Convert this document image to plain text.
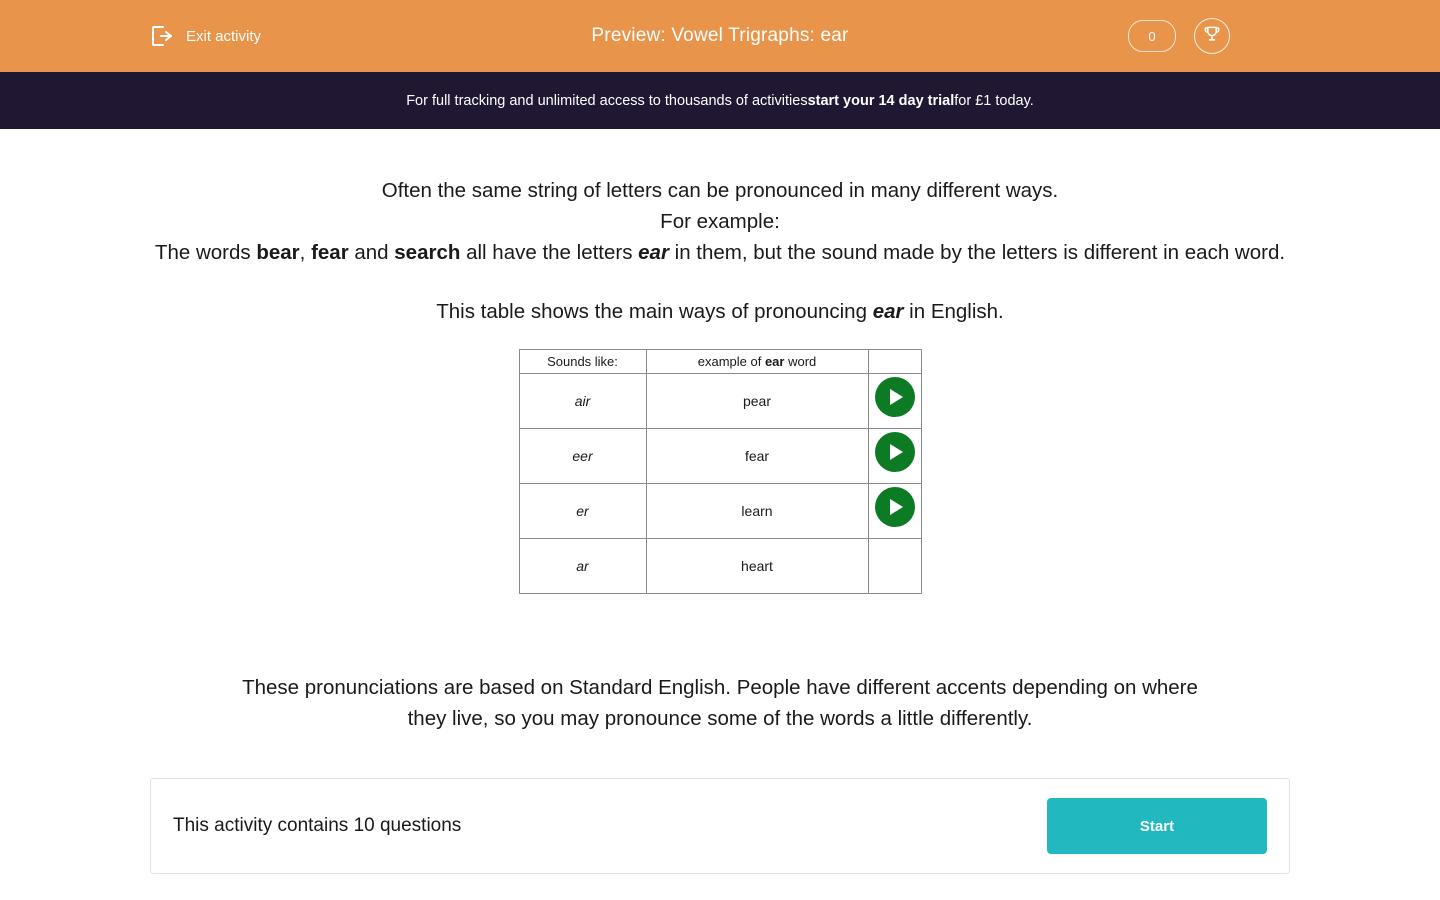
Exit activity	Preview: Vowel Trigraphs: ear	0
For full tracking and unlimited access to thousands of activities start your 14 day trial for £1 today.
Often the same string of letters can be pronounced in many different ways.
For example:
The words bear, fear and search all have the letters ear in them, but the sound made by the letters is different in each word.
This table shows the main ways of pronouncing ear in English.
Sounds like:	example of ear word	
air	pear	

eer	fear	

er	learn	

ar	heart	
These pronunciations are based on Standard English. People have different accents depending on where they live, so you may pronounce some of the words a little differently.
This activity contains 10 questions	Start
